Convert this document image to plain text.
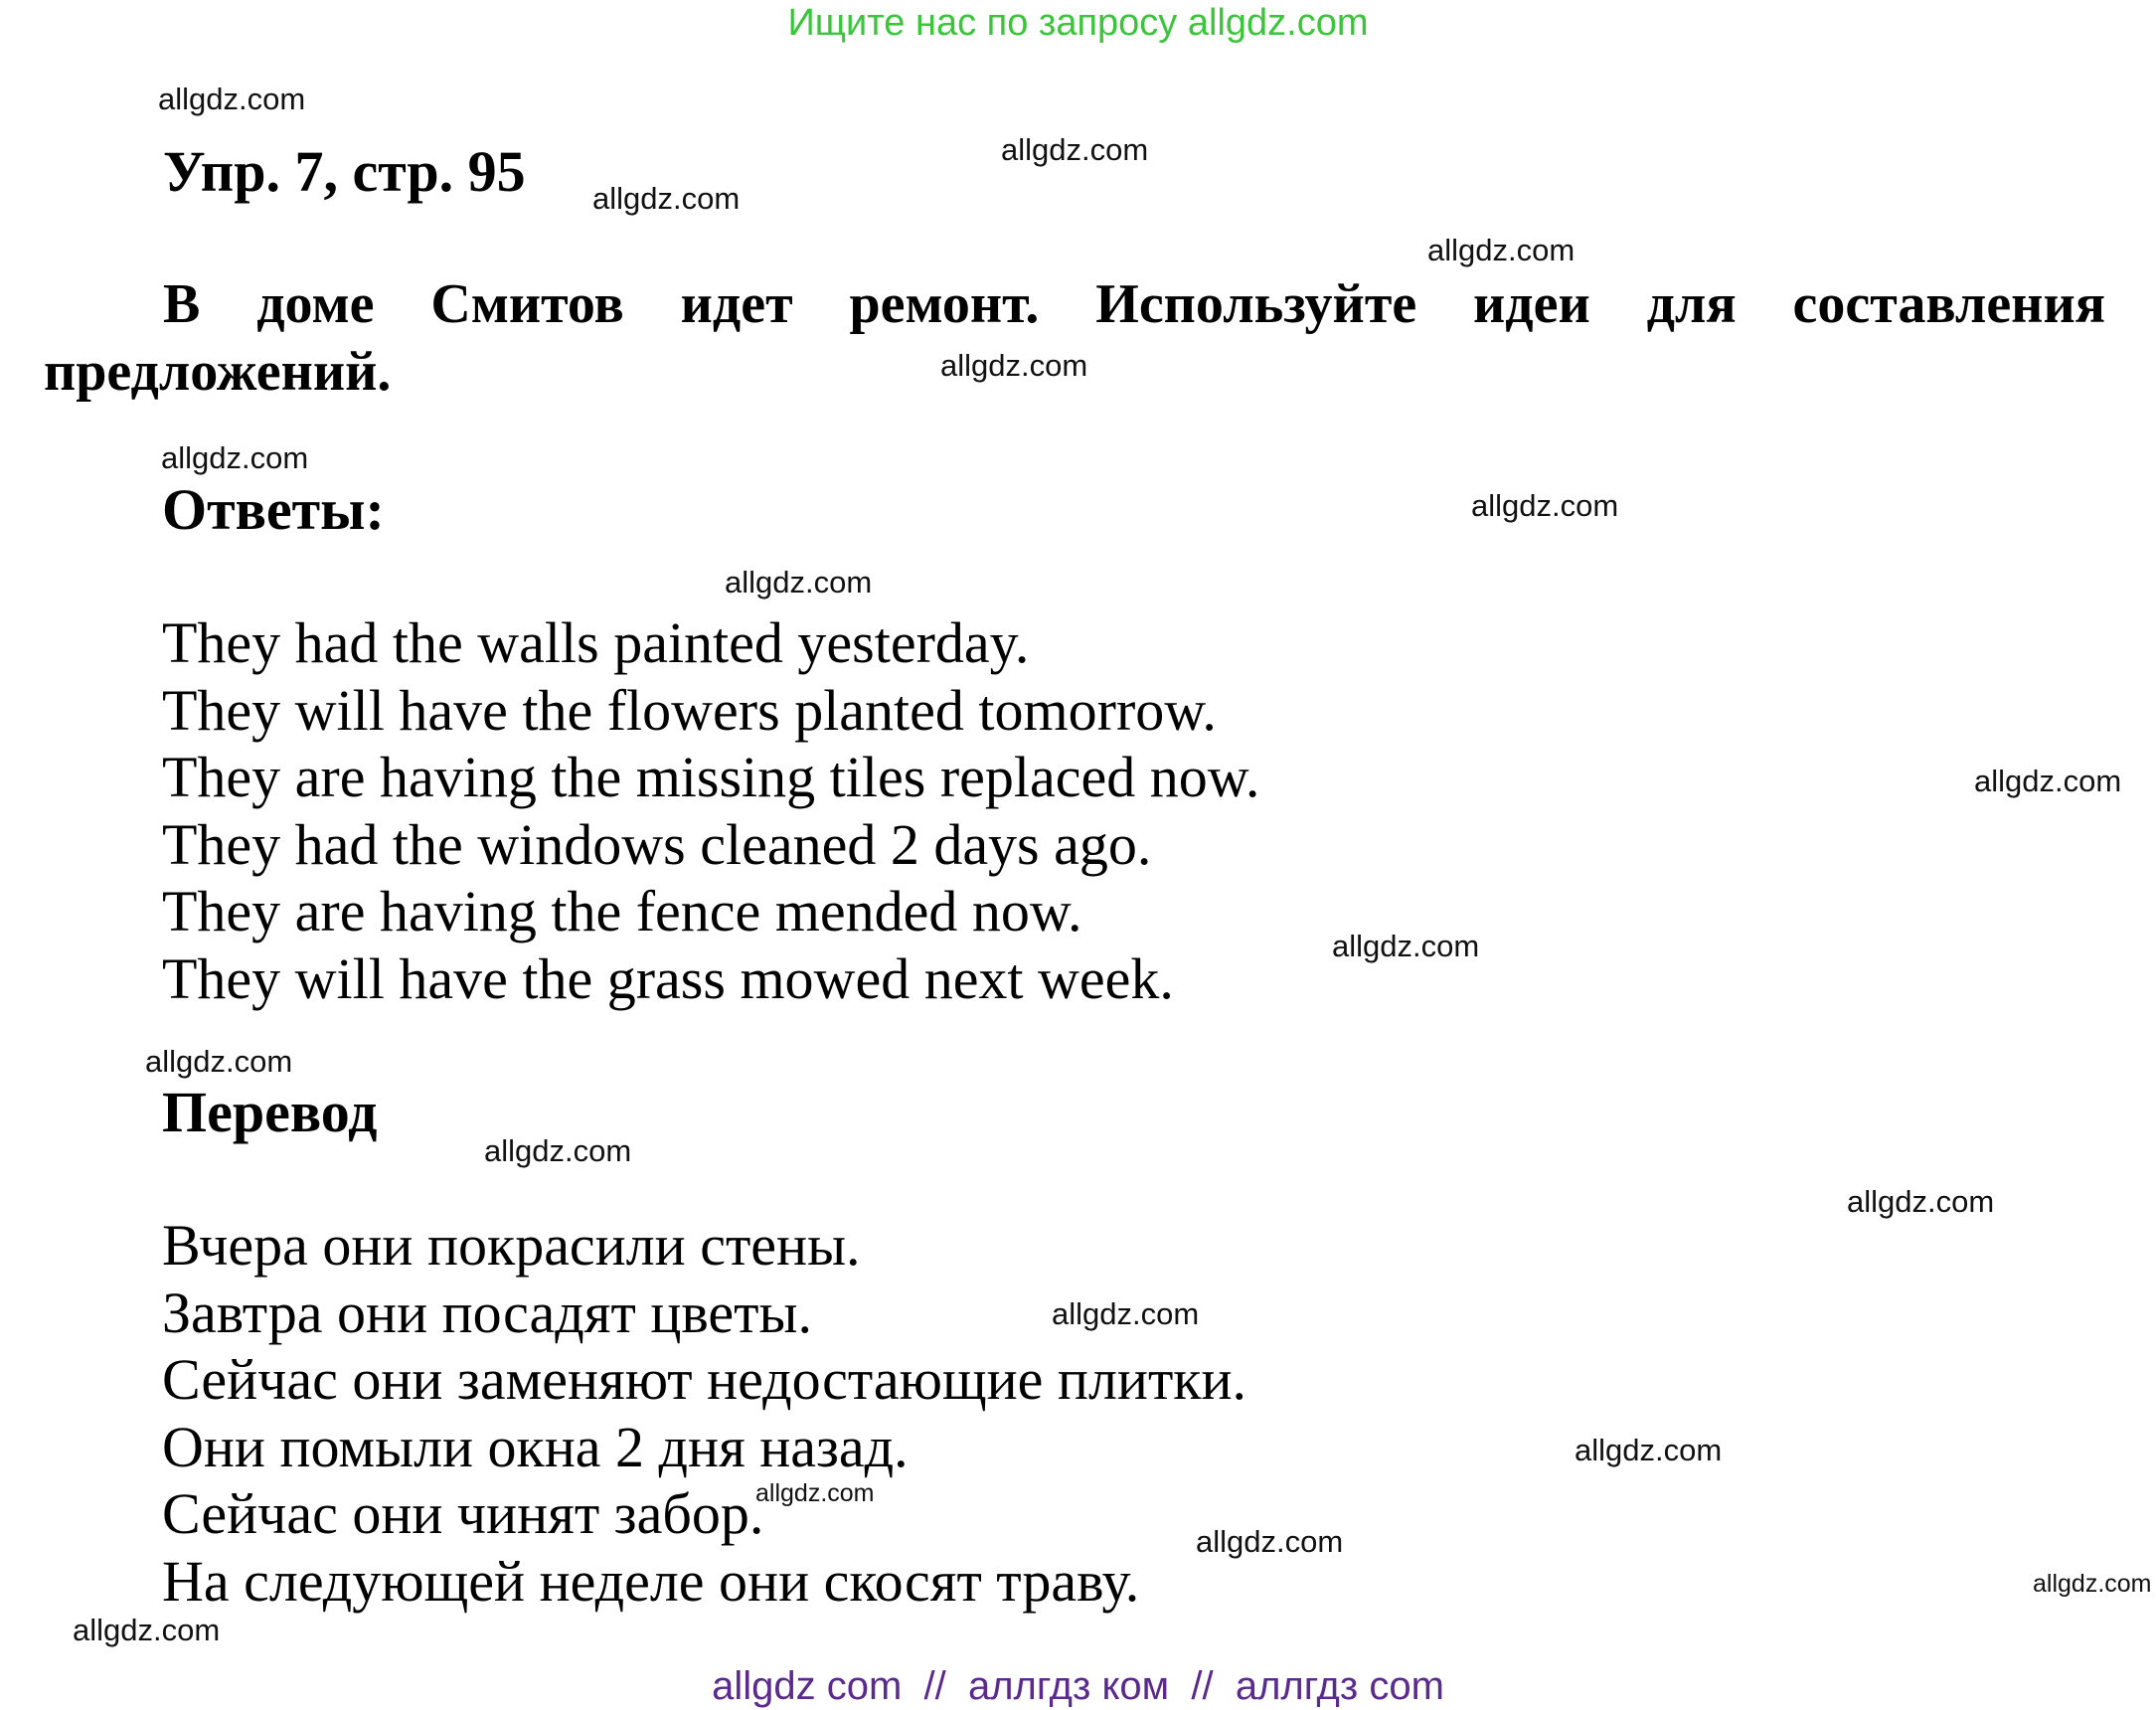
Ищите нас по запросу allgdz.com
Упр. 7, стр. 95
В доме Смитов идет ремонт. Используйте идеи для составления предложений.
Ответы:
They had the walls painted yesterday.
They will have the flowers planted tomorrow.
They are having the missing tiles replaced now.
They had the windows cleaned 2 days ago.
They are having the fence mended now.
They will have the grass mowed next week.
Перевод
Вчера они покрасили стены.
Завтра они посадят цветы.
Сейчас они заменяют недостающие плитки.
Они помыли окна 2 дня назад.
Сейчас они чинят забор.
На следующей неделе они скосят траву.
allgdz.com
allgdz.com
allgdz.com
allgdz.com
allgdz.com
allgdz.com
allgdz.com
allgdz.com
allgdz.com
allgdz.com
allgdz.com
allgdz.com
allgdz.com
allgdz.com
allgdz.com
allgdz.com
allgdz.com
allgdz.com
allgdz.com
allgdz com  //  аллгдз ком  //  аллгдз com
